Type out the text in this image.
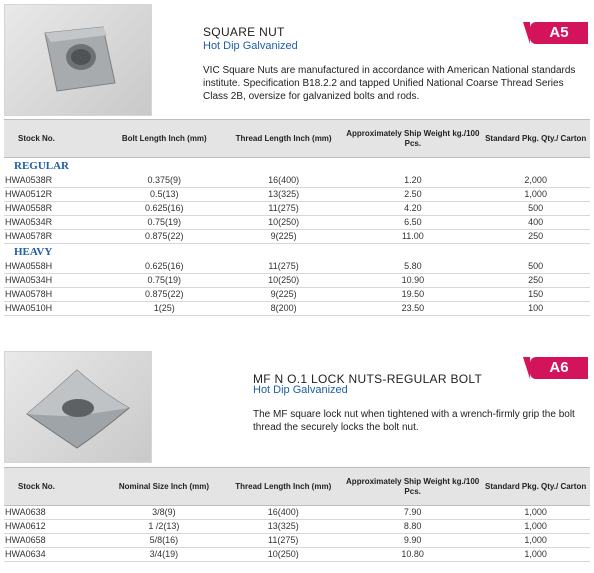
SQUARE NUT
Hot Dip Galvanized
A5
VIC Square Nuts are manufactured in accordance with American National standards institute. Specification B18.2.2 and tapped Unified National Coarse Thread Series Class 2B, oversize for galvanized bolts and rods.
Stock No.	Bolt Length Inch (mm)	Thread Length Inch (mm)	Approximately Ship Weight kg./100 Pcs.	Standard Pkg. Qty./ Carton
REGULAR				
HWA0538R	0.375(9)	16(400)	1.20	2,000
HWA0512R	0.5(13)	13(325)	2.50	1,000
HWA0558R	0.625(16)	11(275)	4.20	500
HWA0534R	0.75(19)	10(250)	6.50	400
HWA0578R	0.875(22)	9(225)	11.00	250
HEAVY				
HWA0558H	0.625(16)	11(275)	5.80	500
HWA0534H	0.75(19)	10(250)	10.90	250
HWA0578H	0.875(22)	9(225)	19.50	150
HWA0510H	1(25)	8(200)	23.50	100
MF N O.1 LOCK NUTS-REGULAR BOLT
Hot Dip Galvanized
A6
The MF square lock nut when tightened with a wrench-firmly grip the bolt thread the securely locks the bolt nut.
Stock No.	Nominal Size Inch (mm)	Thread Length Inch (mm)	Approximately Ship Weight kg./100 Pcs.	Standard Pkg. Qty./ Carton
HWA0638	3/8(9)	16(400)	7.90	1,000
HWA0612	1 /2(13)	13(325)	8.80	1,000
HWA0658	5/8(16)	11(275)	9.90	1,000
HWA0634	3/4(19)	10(250)	10.80	1,000
